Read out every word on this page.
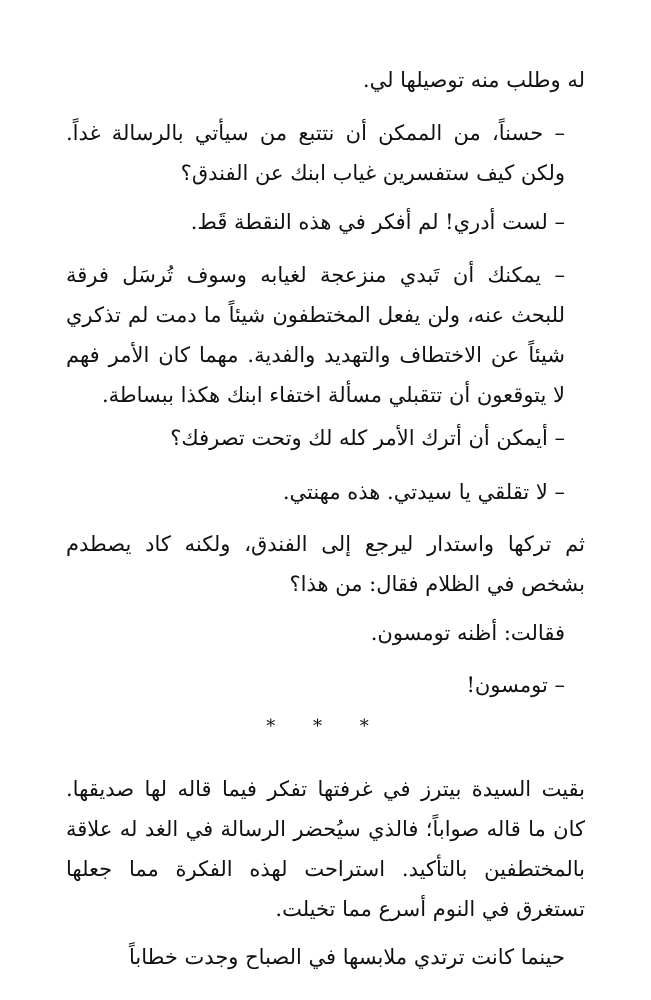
له وطلب منه توصيلها لي.

– حسناً، من الممكن أن نتتبع من سيأتي بالرسالة غداً. ولكن كيف ستفسرين غياب ابنك عن الفندق؟

– لست أدري! لم أفكر في هذه النقطة قَط.

– يمكنك أن تَبدي منزعجة لغيابه وسوف تُرسَل فرقة للبحث عنه، ولن يفعل المختطفون شيئاً ما دمت لم تذكري شيئاً عن الاختطاف والتهديد والفدية. مهما كان الأمر فهم لا يتوقعون أن تتقبلي مسألة اختفاء ابنك هكذا ببساطة.

– أيمكن أن أترك الأمر كله لك وتحت تصرفك؟

– لا تقلقي يا سيدتي. هذه مهنتي.

ثم تركها واستدار ليرجع إلى الفندق، ولكنه كاد يصطدم بشخص في الظلام فقال: من هذا؟

فقالت: أظنه تومسون.

– تومسون!

* * *

بقيت السيدة بيترز في غرفتها تفكر فيما قاله لها صديقها. كان ما قاله صواباً؛ فالذي سيُحضر الرسالة في الغد له علاقة بالمختطفين بالتأكيد. استراحت لهذه الفكرة مما جعلها تستغرق في النوم أسرع مما تخيلت.

حينما كانت ترتدي ملابسها في الصباح وجدت خطاباً
